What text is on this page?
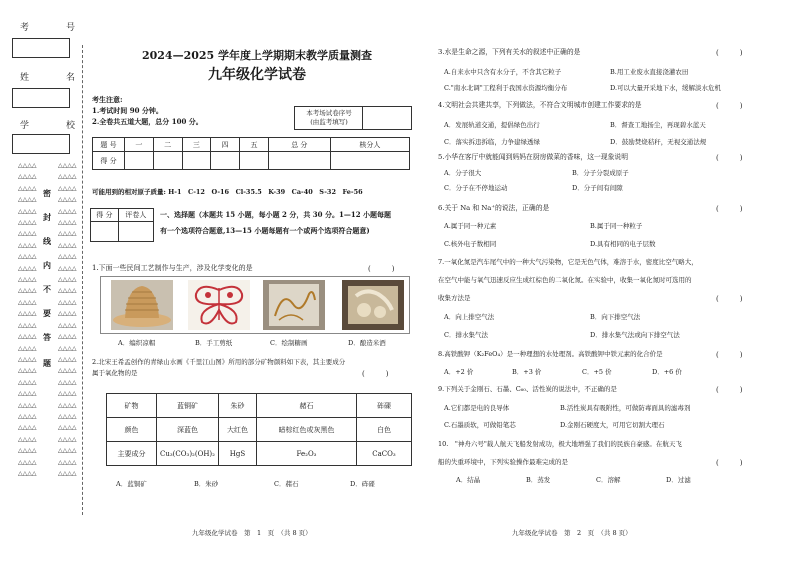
考　号
姓　名
学　校
△△△△
△△△△
△△△△
△△△△
△△△△
△△△△
△△△△
△△△△
△△△△
△△△△
△△△△
△△△△
△△△△
△△△△
△△△△
△△△△
△△△△
△△△△
△△△△
△△△△
△△△△
△△△△
△△△△
△△△△
△△△△
△△△△
△△△△
△△△△
△△△△
△△△△
△△△△
△△△△
△△△△
△△△△
△△△△
△△△△
△△△△
△△△△
△△△△
△△△△
△△△△
△△△△
△△△△
△△△△
△△△△
△△△△
△△△△
△△△△
△△△△
△△△△
△△△△
△△△△
△△△△
△△△△
△△△△
△△△△
密
封
线
内
不
要
答
题
2024—2025 学年度上学期期末教学质量测查
九年级化学试卷
考生注意:
1.考试时间 90 分钟。
2.全卷共五道大题，总分 100 分。
本考场试卷序号
(由监考填写)
题 号	一	二	三	四	五	总 分	核分人
得 分							
可能用到的相对原子质量: H-1　C-12　O-16　Cl-35.5　K-39　Ca-40　S-32　Fe-56
得 分	评卷人
	一、选择题（本题共 15 小题，每小题 2 分，共 30 分。1—12 小题每题
有一个选项符合题意,13—15 小题每题有一个或两个选项符合题意)
1.下面一些民间工艺制作与生产，涉及化学变化的是	(　　　)
A．编织凉帽	B．手工剪纸	C．绘制糖画	D．酿造米酒
2.北宋王希孟创作的青绿山水画《千里江山图》所用的部分矿物颜料如下表，其主要成分
属于氧化物的是	(　　　)
矿物	蓝铜矿	朱砂	赭石	砗磲
颜色	深蓝色	大红色	暗棕红色或灰黑色	白色
主要成分	Cu₃(CO₃)₂(OH)₂	HgS	Fe₂O₃	CaCO₃
A．蓝铜矿	B．朱砂	C．赭石	D．砗磲
九年级化学试卷　第　1　页　（共 8 页）
3.水是生命之源，下列有关水的叙述中正确的是	(　　　)
A.自来水中只含有水分子，不含其它粒子	B.用工业废水直接浇灌农田
C."南水北调"工程利于我国水资源均衡分布	D.可以大量开采地下水，缓解淡水危机
4.文明社会共建共享，下列做法，不符合文明城市创建工作要求的是	(　　　)
A．发展轨道交通，提倡绿色出行	B．督查工地扬尘，再现碧水蓝天
C．落实拆违拆临，力争建绿透绿	D．鼓励焚烧秸秆，无视交通法规
5.小华在客厅中就能闻到妈妈在厨房做菜的香味，这一现象说明	(　　　)
A．分子很大	B．分子分裂成原子
C．分子在不停地运动	D．分子间有间隙
6.关于 Na 和 Na⁺的说法，正确的是	(　　　)
A.属于同一种元素	B.属于同一种粒子
C.核外电子数相同	D.具有相同的电子层数
7.一氧化氮是汽车尾气中的一种大气污染物，它是无色气体，难溶于水，密度比空气略大，
在空气中能与氧气迅速反应生成红棕色的二氧化氮。在实验中，收集一氧化氮时可选用的
收集方法是	(　　　)
A．向上排空气法	B．向下排空气法
C．排水集气法	D．排水集气法或向下排空气法
8.高铁酸钾（K₂FeO₄）是一种理想的水处理剂。高铁酸钾中铁元素的化合价是	(　　　)
A．+2 价	B．+3 价	C．+5 价	D．+6 价
9.下列关于金刚石、石墨、C₆₀、活性炭的说法中，不正确的是	(　　　)
A.它们都是电的良导体	B.活性炭具有吸附性，可做防毒面具的滤毒剂
C.石墨质软，可做铅笔芯	D.金刚石硬度大，可用它切割大理石
10.　"神舟六号"载人航天飞船发射成功，极大地增强了我们的民族自豪感。在航天飞
船的失重环境中，下列实验操作最难完成的是	(　　　)
A．结晶	B．蒸发	C．溶解	D．过滤
九年级化学试卷　第　2　页　（共 8 页）
